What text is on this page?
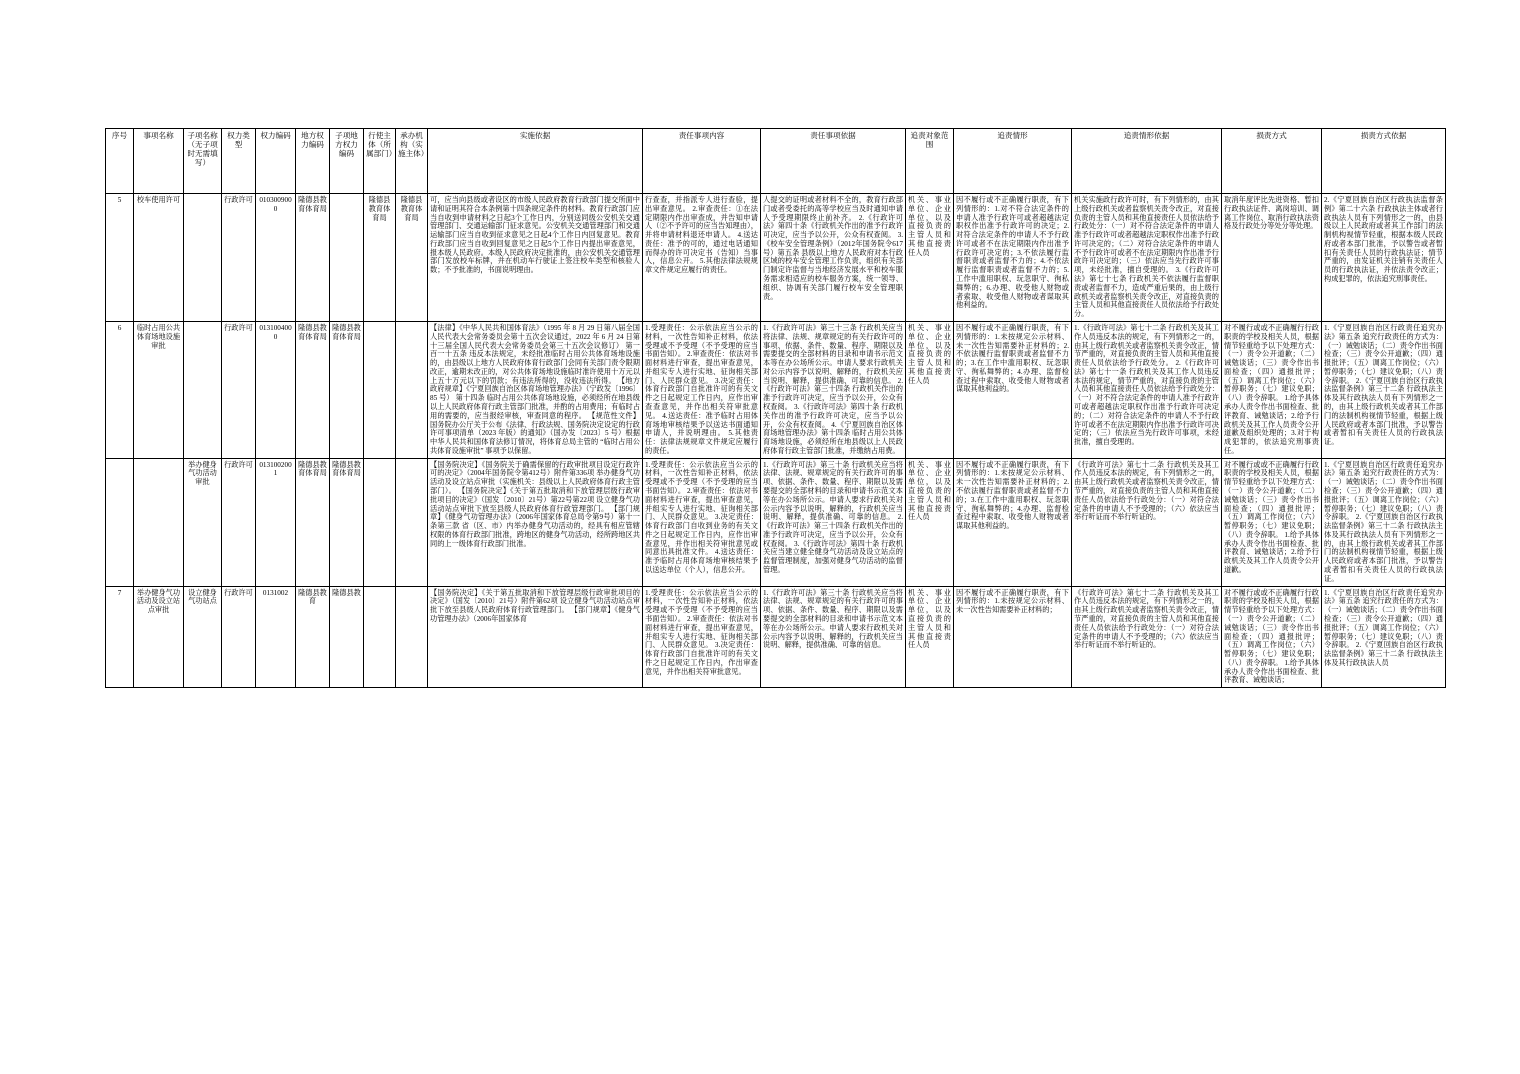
序号	事项名称	子项名称（无子项时无需填写）	权力类型	权力编码	地方权力编码	子项地方权力编码	行使主体（所属部门）	承办机构（实施主体）	实施依据	责任事项内容	责任事项依据	追责对象范围	追责情形	追责情形依据	损责方式	损责方式依据
5	校车使用许可		行政许可	0103009000	隆德县教育体育局		隆德县教育体育局	隆德县教育体育局	可，应当向县级或者设区的市级人民政府教育行政部门提交所面中请和证明其符合本条例第十四条规定条件的材料。教育行政部门应当自收到申请材料之日起3个工作日内，分别送同级公安机关交通管理部门、交通运输部门征求意见。公安机关交通管理部门和交通运输部门应当自收到征求意见之日起4个工作日内回复意见。教育行政部门应当自收到回复意见之日起5个工作日内提出审查意见，报本级人民政府。本级人民政府决定批准的，由公安机关交通管理部门发放校车标牌，并在机动车行驶证上签注校车类型和核验人数；不予批准的，书面说明理由。	行查查，并指派专人进行查验，提出审查意见。 2.审查责任：①在法定期限内作出审查成，并告知申请人（②不予许可的应当告知理由），并将申请材料退还申请人。 4.送达责任：准予的可的，通过电话通知而得办的许可决定书（告知）当事人，信息公开。 5.其他法律法规规章文件规定应履行的责任。	人提交的证明或者材料不全的，教育行政部门或者受委托的高等学校应当及时通知申请人予受理期限终止前补齐。 2.《行政许可法》第四十条《行政机关作出的准予行政许可决定，应当予以公开，公众有权查阅。 3.《校车安全管理条例》（2012年国务院令617号）第五条 县级以上地方人民政府对本行政区域的校车安全管理工作负责，组织有关部门制定许监督与当地经济发展水平和校车服务需求相适应的校车服务方案，统一领导、组织、协调有关部门履行校车安全管理职责。	机关、事业单位、企业单位，以及直接负责的主管人员和其他直接责任人员	因不履行或不正确履行职责，有下列情形的：1.对不符合法定条件的申请人准予行政许可或者超越法定职权作出准予行政许可的决定；2.对符合法定条件的申请人不予行政许可或者不在法定期限内作出准予行政许可决定的；3.不依法履行监督职责或者监督不力的；4.不依法履行监督职责或者监督不力的；5.工作中滥用职权、玩忽职守、徇私舞弊的；6.办理、收受他人财物或者索取、收受他人财物或者谋取其他利益的。	机关实施政行政许可时，有下列情形的，由其上级行政机关或者监察机关责令改正，对直接负责的主管人员和其他直接责任人员依法给予行政处分：（一）对不符合法定条件的申请人准予行政许可或者超越法定职权作出准予行政许可决定的；（二）对符合法定条件的申请人不予行政许可或者不在法定期限内作出准予行政许可决定的；（三）依法应当先行政许可事项，未经批准，擅自受理的。 3.《行政许可法》第七十七条 行政机关不依法履行监督职责或者监督不力，造成严重后果的，由上级行政机关或者监察机关责令改正，对直接负责的主管人员和其他直接责任人员依法给予行政处分。	取消年度评比先进资格、暂扣行政执法证件、离岗培训、调离工作岗位、取消行政执法资格及行政处分等处分等处理。	2.《宁夏回族自治区行政执法监督条例》第二十六条 行政执法主体或者行政执法人员有下列情形之一的，由县级以上人民政府或者其工作部门的法制机构视情节轻重，根据本级人民政府或者本部门批准，予以警告或者暂扣有关责任人员的行政执法证；情节严重的，由发证机关注销有关责任人员的行政执法证，并依法责令改正；构成犯罪的，依法追究刑事责任。
6	临时占用公共体育场地设施审批		行政许可	0131004000	隆德县教育体育局	隆德县教育体育局			【法律】《中华人民共和国体育法》（1995 年 8 月 29 日第八届全国人民代表大会常务委员会第十五次会议通过，2022 年 6 月 24 日第十三届全国人民代表大会常务委员会第三十五次会议修订） 第一百一十五条 违反本法规定，未经批准临时占用公共体育场地设施的，由县级以上地方人民政府体育行政部门会同有关部门责令限期改正，逾期未改正的，对公共体育场地设施临时准许使用十万元以上五十万元以下的罚款；有违法所得的，没收违法所得。 【地方政府规章】《宁夏回族自治区体育场地管理办法》（宁政发〔1996〕85 号） 第十四条 临时占用公共体育场地设施，必须经所在地县级以上人民政府体育行政主管部门批准，并酌的占用费用；有临时占用的需要的，应当报经审核，审查同意的程序。 【规范性文件】国务院办公厅关于公布《法律、行政法规、国务院决定设定的行政许可事项清单（2023 年版）的通知》（国办发〔2023〕5 号）根据中华人民共和国体育法修订情况，将体育总局主管的 “临时占用公共体育设施审批” 事项予以保留。	1.受理责任：公示依法应当公示的材料，一次性告知补正材料，依法受理或不予受理（不予受理的应当书面告知）。 2.审查责任：依法对书面材料进行审查，提出审查意见，并组实专人进行实地、征询相关部门、人民群众意见。 3.决定责任：体育行政部门自批准许可的有关文件之日起规定工作日内，应作出审查查意见，并作出相关符审批意见。 4.送达责任：准予临时占用体育场地审核结果予以送达书面通知申请人，并说明理由。 5.其他责任：法律法规规章文件规定应履行的责任。	1.《行政许可法》第三十三条 行政机关应当将法律、法规、规章规定的有关行政许可的事项、依据、条件、数量、程序、期限以及需要提交的全部材料的目录和申请书示范文本等在办公场所公示。申请人要求行政机关对公示内容予以说明、解释的，行政机关应当说明、解释，提供准确、可靠的信息。 2.《行政许可法》第三十四条 行政机关作出的准予行政许可决定，应当予以公开，公众有权查阅。 3.《行政许可法》第四十条 行政机关作出的准予行政许可决定，应当予以公开，公众有权查阅。 4.《宁夏回族自治区体育场地管理办法》第十四条 临时占用公共体育场地设施，必须经所在地县级以上人民政府体育行政主管部门批准，并缴纳占用费。	机关、事业单位、企业单位，以及直接负责的主管人员和其他直接责任人员	因不履行或不正确履行职责，有下列情形的：1.未按规定公示材料、未一次性告知需要补正材料的；2.不依法履行监督职责或者监督不力的；3.在工作中滥用职权、玩忽职守、徇私舞弊的；4.办理、监督检查过程中索取、收受他人财物或者谋取其他利益的。	1.《行政许可法》第七十二条 行政机关及其工作人员违反本法的规定，有下列情形之一的，由其上级行政机关或者监察机关责令改正，情节严重的，对直接负责的主管人员和其他直接责任人员依法给予行政处分。 2.《行政许可法》第七十一条 行政机关及其工作人员违反本法的规定，情节严重的，对直接负责的主管人员和其他直接责任人员依法给予行政处分：（一）对不符合法定条件的申请人准予行政许可或者超越法定职权作出准予行政许可决定的；（二）对符合法定条件的申请人不予行政许可或者不在法定期限内作出准予行政许可决定的；（三）依法应当先行政许可事项，未经批准，擅自受理的。	对不履行或或不正确履行行政职责的学校及相关人员，根据情节轻重给予以下处理方式：（一）责令公开道歉；（二）诫勉谈话；（三）责令作出书面检查；（四）通报批评；（五）调离工作岗位；（六）暂停职务；（七）建议免职；（八）责令辞职。 1.给予具体承办人责令作出书面检查、批评教育、诫勉谈话；2.给予行政机关及其工作人员责令公开道歉及组织处理的；3.对于构成犯罪的，依法追究刑事责任。	1.《宁夏回族自治区行政责任追究办法》第五条 追究行政责任的方式为：（一）诫勉谈话；（二）责令作出书面检查；（三）责令公开道歉；（四）通报批评；（五）调离工作岗位；（六）暂停职务；（七）建议免职；（八）责令辞职。 2.《宁夏回族自治区行政执法监督条例》第三十二条 行政执法主体及其行政执法人员有下列情形之一的，由其上级行政机关或者其工作部门的法制机构视情节轻重，根据上级人民政府或者本部门批准，予以警告或者暂扣有关责任人员的行政执法证。
		举办健身气功活动审批	行政许可	0131002001	隆德县教育体育局	隆德县教育体育局			【国务院决定】《国务院关于确需保留的行政审批项目设定行政许可的决定》（2004年国务院令第412号）附件第336项 举办健身气功活动及设立站点审批（实施机关：县级以上人民政府体育行政主管部门）。 【国务院决定】《关于第五批取消和下放管理层级行政审批项目的决定》（国发〔2010〕21号）第22号第22项 设立健身气功活动站点审批下放至县级人民政府体育行政管理部门。 【部门规章】《健身气功管理办法》（2006年国家体育总局令第9号）第十一条第三款 省（区、市）内举办健身气功活动的，经具有相应管辖权限的体育行政部门批准，跨地区的健身气功活动，经所跨地区共同的上一级体育行政部门批准。	1.受理责任：公示依法应当公示的材料，一次性告知补正材料，依法受理或不予受理（不予受理的应当书面告知）。 2.审查责任：依法对书面材料进行审查，提出审查意见，并组实专人进行实地、征询相关部门、人民群众意见。 3.决定责任：体育行政部门自收到业务的有关文件之日起规定工作日内，应作出审查意见，并作出相关符审批意见或同意出具批准文件。 4.送达责任：准予临时占用体育场地审核结果予以送达单位（个人），信息公开。	1.《行政许可法》第三十条 行政机关应当将法律、法规、规章规定的有关行政许可的事项、依据、条件、数量、程序、期限以及需要提交的全部材料的目录和申请书示范文本等在办公场所公示。申请人要求行政机关对公示内容予以说明、解释的，行政机关应当说明、解释，提供准确、可靠的信息。 2.《行政许可法》第三十四条 行政机关作出的准予行政许可决定，应当予以公开，公众有权查阅。 3.《行政许可法》第四十条 行政机关应当建立健全健身气功活动及设立站点的监督管理制度，加强对健身气功活动的监督管理。	机关、事业单位、企业单位，以及直接负责的主管人员和其他直接责任人员	因不履行或不正确履行职责，有下列情形的：1.未按规定公示材料、未一次性告知需要补正材料的；2.不依法履行监督职责或者监督不力的；3.在工作中滥用职权、玩忽职守、徇私舞弊的；4.办理、监督检查过程中索取、收受他人财物或者谋取其他利益的。	《行政许可法》第七十二条 行政机关及其工作人员违反本法的规定，有下列情形之一的，由其上级行政机关或者监察机关责令改正，情节严重的，对直接负责的主管人员和其他直接责任人员依法给予行政处分：（一）对符合法定条件的申请人不予受理的；（六）依法应当举行听证而不举行听证的。	对不履行或或不正确履行行政职责的学校及相关人员，根据情节轻重给予以下处理方式：（一）责令公开道歉；（二）诫勉谈话；（三）责令作出书面检查；（四）通报批评；（五）调离工作岗位；（六）暂停职务；（七）建议免职；（八）责令辞职。 1.给予具体承办人责令作出书面检查、批评教育、诫勉谈话；2.给予行政机关及其工作人员责令公开道歉。	1.《宁夏回族自治区行政责任追究办法》第五条 追究行政责任的方式为：（一）诫勉谈话；（二）责令作出书面检查；（三）责令公开道歉；（四）通报批评；（五）调离工作岗位；（六）暂停职务；（七）建议免职；（八）责令辞职。 2.《宁夏回族自治区行政执法监督条例》第三十二条 行政执法主体及其行政执法人员有下列情形之一的，由其上级行政机关或者其工作部门的法制机构视情节轻重，根据上级人民政府或者本部门批准，予以警告或者暂扣有关责任人员的行政执法证。
7	举办健身气功活动及设立站点审批	设立健身气功站点	行政许可	0131002	隆德县教育	隆德县教			【国务院决定】《关于第五批取消和下放管理层级行政审批项目的决定》（国发〔2010〕21号）附件第62项 设立健身气功活动站点审批下放至县级人民政府体育行政管理部门。 【部门规章】《健身气功管理办法》（2006年国家体育	1.受理责任：公示依法应当公示的材料，一次性告知补正材料，依法受理或不予受理（不予受理的应当书面告知）。 2.审查责任：依法对书面材料进行审查，提出审查意见，并组实专人进行实地、征询相关部门、人民群众意见。 3.决定责任：体育行政部门自批准许可的有关文件之日起规定工作日内，作出审查意见，并作出相关符审批意见。	1.《行政许可法》第三十条 行政机关应当将法律、法规、规章规定的有关行政许可的事项、依据、条件、数量、程序、期限以及需要提交的全部材料的目录和申请书示范文本等在办公场所公示。申请人要求行政机关对公示内容予以说明、解释的，行政机关应当说明、解释，提供准确、可靠的信息。	机关、事业单位、企业单位，以及直接负责的主管人员和其他直接责任人员	因不履行或不正确履行职责，有下列情形的：1.未按规定公示材料、未一次性告知需要补正材料的；	《行政许可法》第七十二条 行政机关及其工作人员违反本法的规定，有下列情形之一的，由其上级行政机关或者监察机关责令改正，情节严重的，对直接负责的主管人员和其他直接责任人员依法给予行政处分：（一）对符合法定条件的申请人不予受理的；（六）依法应当举行听证而不举行听证的。	对不履行或或不正确履行行政职责的学校及相关人员，根据情节轻重给予以下处理方式：（一）责令公开道歉；（二）诫勉谈话；（三）责令作出书面检查；（四）通报批评；（五）调离工作岗位；（六）暂停职务；（七）建议免职；（八）责令辞职。 1.给予具体承办人责令作出书面检查、批评教育、诫勉谈话；	1.《宁夏回族自治区行政责任追究办法》第五条 追究行政责任的方式为：（一）诫勉谈话；（二）责令作出书面检查；（三）责令公开道歉；（四）通报批评；（五）调离工作岗位；（六）暂停职务；（七）建议免职；（八）责令辞职。 2.《宁夏回族自治区行政执法监督条例》第三十二条 行政执法主体及其行政执法人员
